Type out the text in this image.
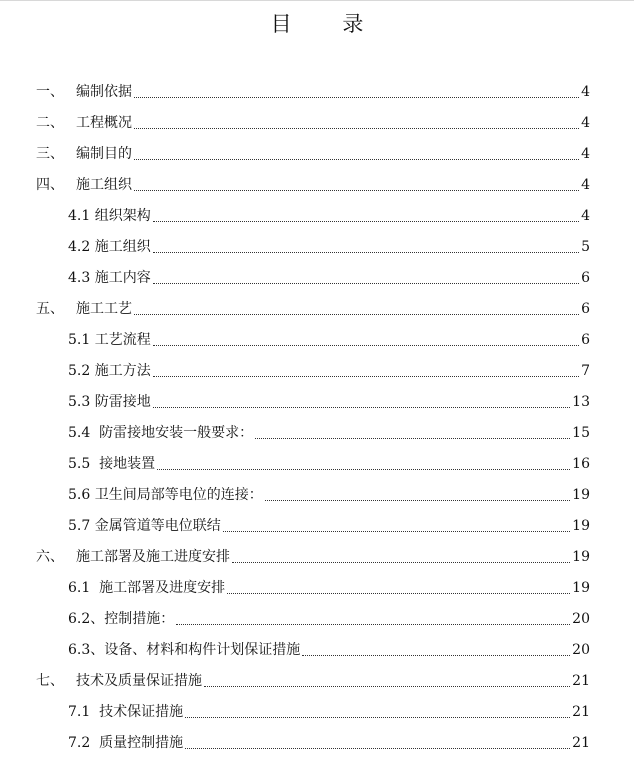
目 录
一、 编制依据	4
二、 工程概况	4
三、 编制目的	4
四、 施工组织	4
4.1 组织架构	4
4.2 施工组织	5
4.3 施工内容	6
五、 施工工艺	6
5.1 工艺流程	6
5.2 施工方法	7
5.3 防雷接地	13
5.4 防雷接地安装一般要求：	15
5.5 接地装置	16
5.6 卫生间局部等电位的连接：	19
5.7 金属管道等电位联结	19
六、 施工部署及施工进度安排	19
6.1 施工部署及进度安排	19
6.2、 控制措施：	20
6.3、 设备、材料和构件计划保证措施	20
七、 技术及质量保证措施	21
7.1 技术保证措施	21
7.2 质量控制措施	21
